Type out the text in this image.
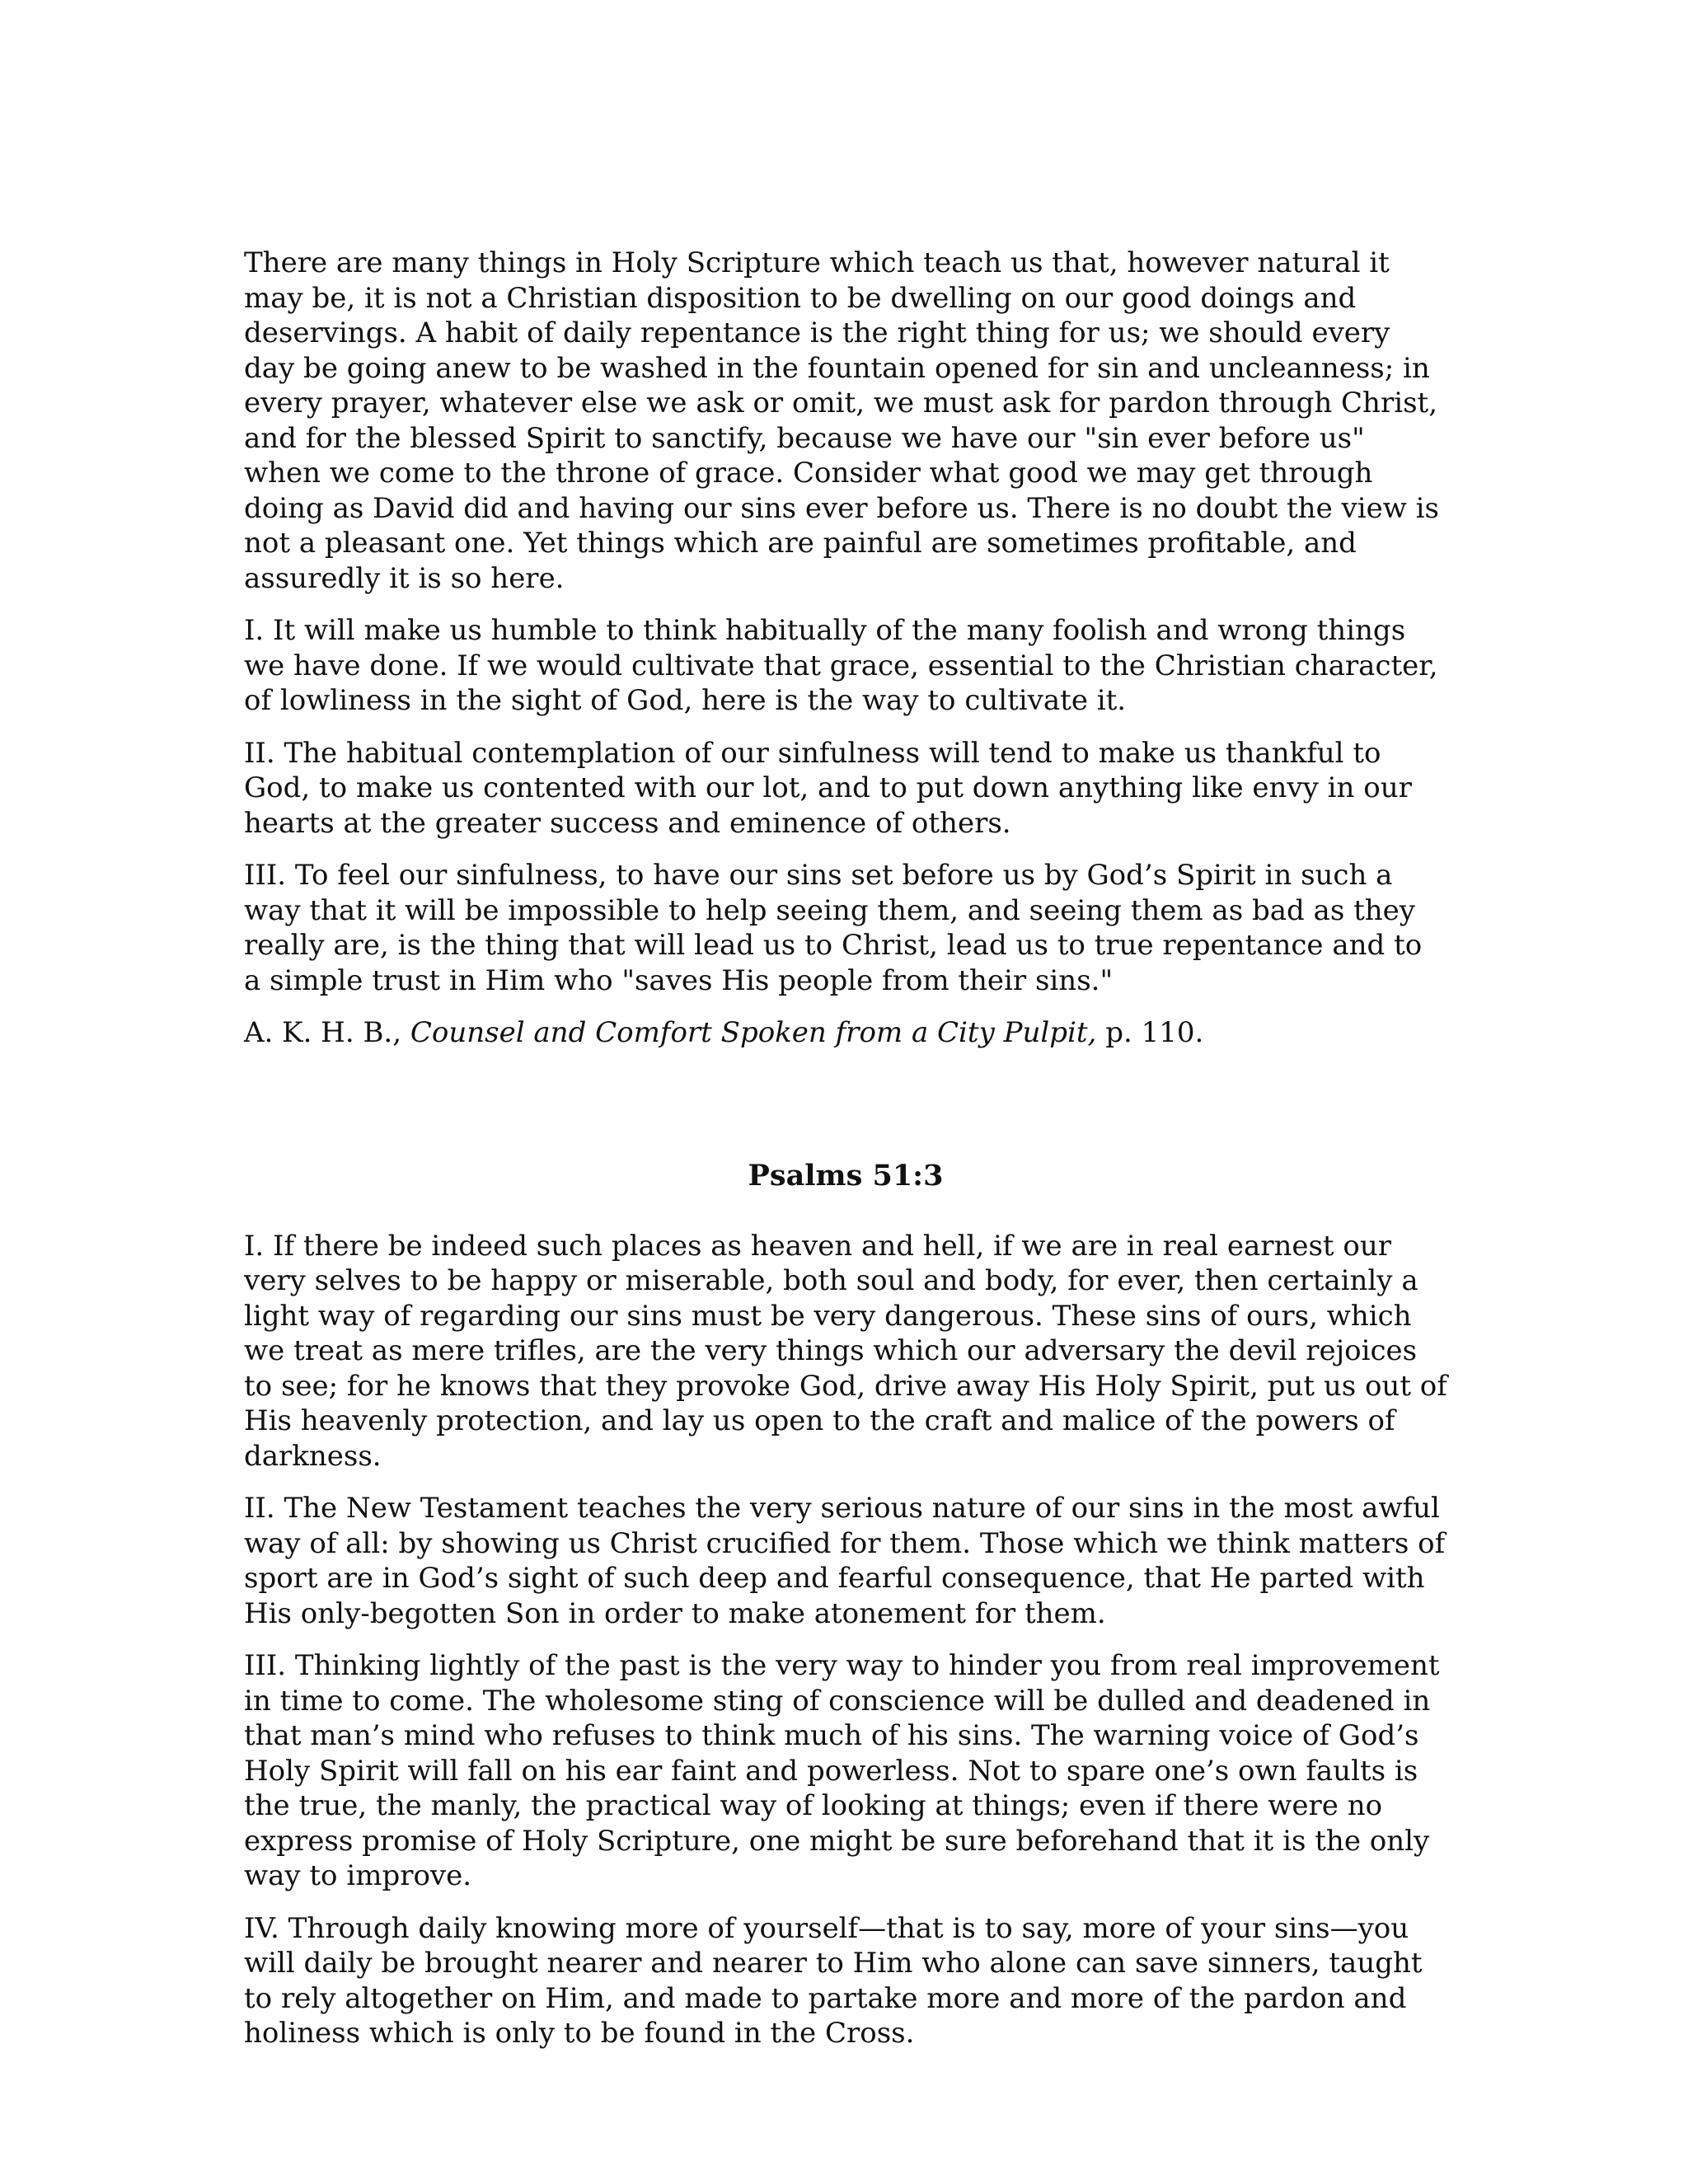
There are many things in Holy Scripture which teach us that, however natural it may be, it is not a Christian disposition to be dwelling on our good doings and deservings. A habit of daily repentance is the right thing for us; we should every day be going anew to be washed in the fountain opened for sin and uncleanness; in every prayer, whatever else we ask or omit, we must ask for pardon through Christ, and for the blessed Spirit to sanctify, because we have our "sin ever before us" when we come to the throne of grace. Consider what good we may get through doing as David did and having our sins ever before us. There is no doubt the view is not a pleasant one. Yet things which are painful are sometimes profitable, and assuredly it is so here.

I. It will make us humble to think habitually of the many foolish and wrong things we have done. If we would cultivate that grace, essential to the Christian character, of lowliness in the sight of God, here is the way to cultivate it.

II. The habitual contemplation of our sinfulness will tend to make us thankful to God, to make us contented with our lot, and to put down anything like envy in our hearts at the greater success and eminence of others.

III. To feel our sinfulness, to have our sins set before us by God’s Spirit in such a way that it will be impossible to help seeing them, and seeing them as bad as they really are, is the thing that will lead us to Christ, lead us to true repentance and to a simple trust in Him who "saves His people from their sins."

A. K. H. B., Counsel and Comfort Spoken from a City Pulpit, p. 110.

Psalms 51:3

I. If there be indeed such places as heaven and hell, if we are in real earnest our very selves to be happy or miserable, both soul and body, for ever, then certainly a light way of regarding our sins must be very dangerous. These sins of ours, which we treat as mere trifles, are the very things which our adversary the devil rejoices to see; for he knows that they provoke God, drive away His Holy Spirit, put us out of His heavenly protection, and lay us open to the craft and malice of the powers of darkness.

II. The New Testament teaches the very serious nature of our sins in the most awful way of all: by showing us Christ crucified for them. Those which we think matters of sport are in God’s sight of such deep and fearful consequence, that He parted with His only-begotten Son in order to make atonement for them.

III. Thinking lightly of the past is the very way to hinder you from real improvement in time to come. The wholesome sting of conscience will be dulled and deadened in that man’s mind who refuses to think much of his sins. The warning voice of God’s Holy Spirit will fall on his ear faint and powerless. Not to spare one’s own faults is the true, the manly, the practical way of looking at things; even if there were no express promise of Holy Scripture, one might be sure beforehand that it is the only way to improve.

IV. Through daily knowing more of yourself—that is to say, more of your sins—you will daily be brought nearer and nearer to Him who alone can save sinners, taught to rely altogether on Him, and made to partake more and more of the pardon and holiness which is only to be found in the Cross.
